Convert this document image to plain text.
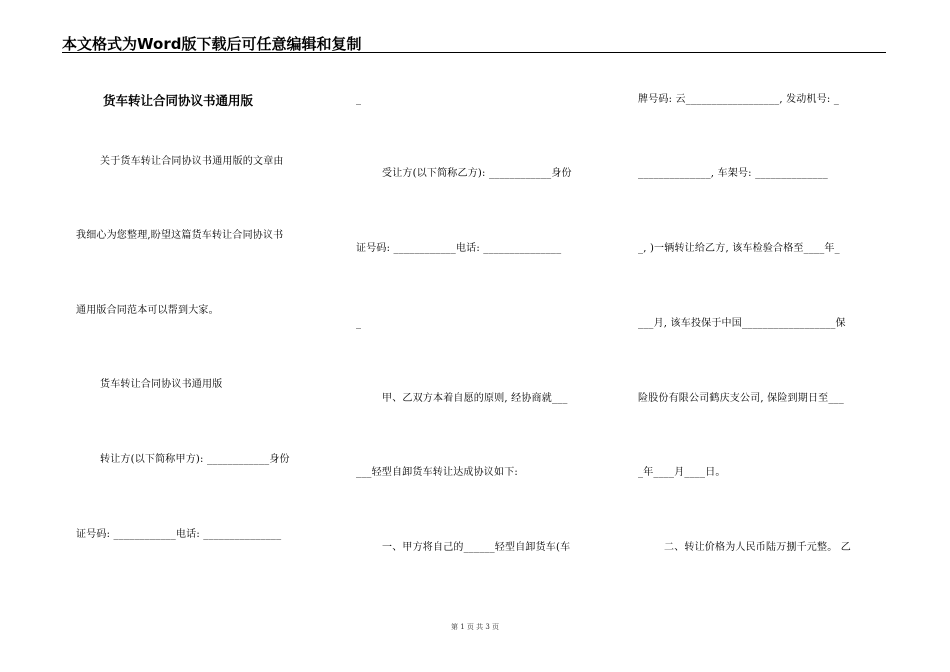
本文格式为Word版下载后可任意编辑和复制
货车转让合同协议书通用版
关于货车转让合同协议书通用版的文章由
我细心为您整理,盼望这篇货车转让合同协议书
通用版合同范本可以帮到大家。
货车转让合同协议书通用版
转让方(以下简称甲方): ____________身份
证号码: ____________电话: _______________
_
受让方(以下简称乙方): ____________身份
证号码: ____________电话: _______________
_
甲、乙双方本着自愿的原则, 经协商就___
___轻型自卸货车转让达成协议如下:
一、甲方将自己的______轻型自卸货车(车
牌号码: 云__________________, 发动机号: _
______________, 车架号: ______________
_, )一辆转让给乙方, 该车检验合格至____年_
___月, 该车投保于中国__________________保
险股份有限公司鹤庆支公司, 保险到期日至___
_年____月____日。
二、转让价格为人民币陆万捌千元整。 乙
第 1 页 共 3 页
